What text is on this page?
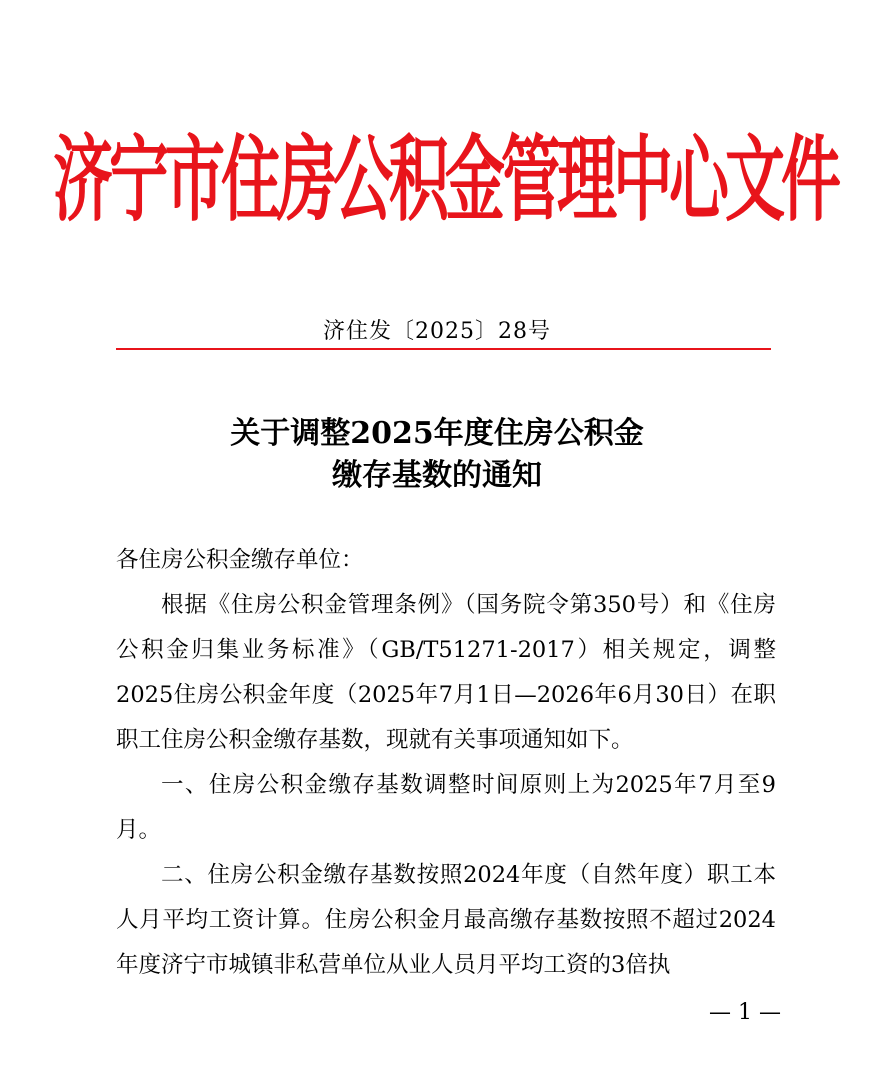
济宁市住房公积金管理中心文件
济住发〔2025〕28号
关于调整2025年度住房公积金
缴存基数的通知
各住房公积金缴存单位：
根据《住房公积金管理条例》（国务院令第350号）和《住房公积金归集业务标准》（GB/T51271-2017）相关规定，调整2025住房公积金年度（2025年7月1日—2026年6月30日）在职职工住房公积金缴存基数，现就有关事项通知如下。
一、住房公积金缴存基数调整时间原则上为2025年7月至9月。
二、住房公积金缴存基数按照2024年度（自然年度）职工本人月平均工资计算。住房公积金月最高缴存基数按照不超过2024年度济宁市城镇非私营单位从业人员月平均工资的3倍执
— 1 —
